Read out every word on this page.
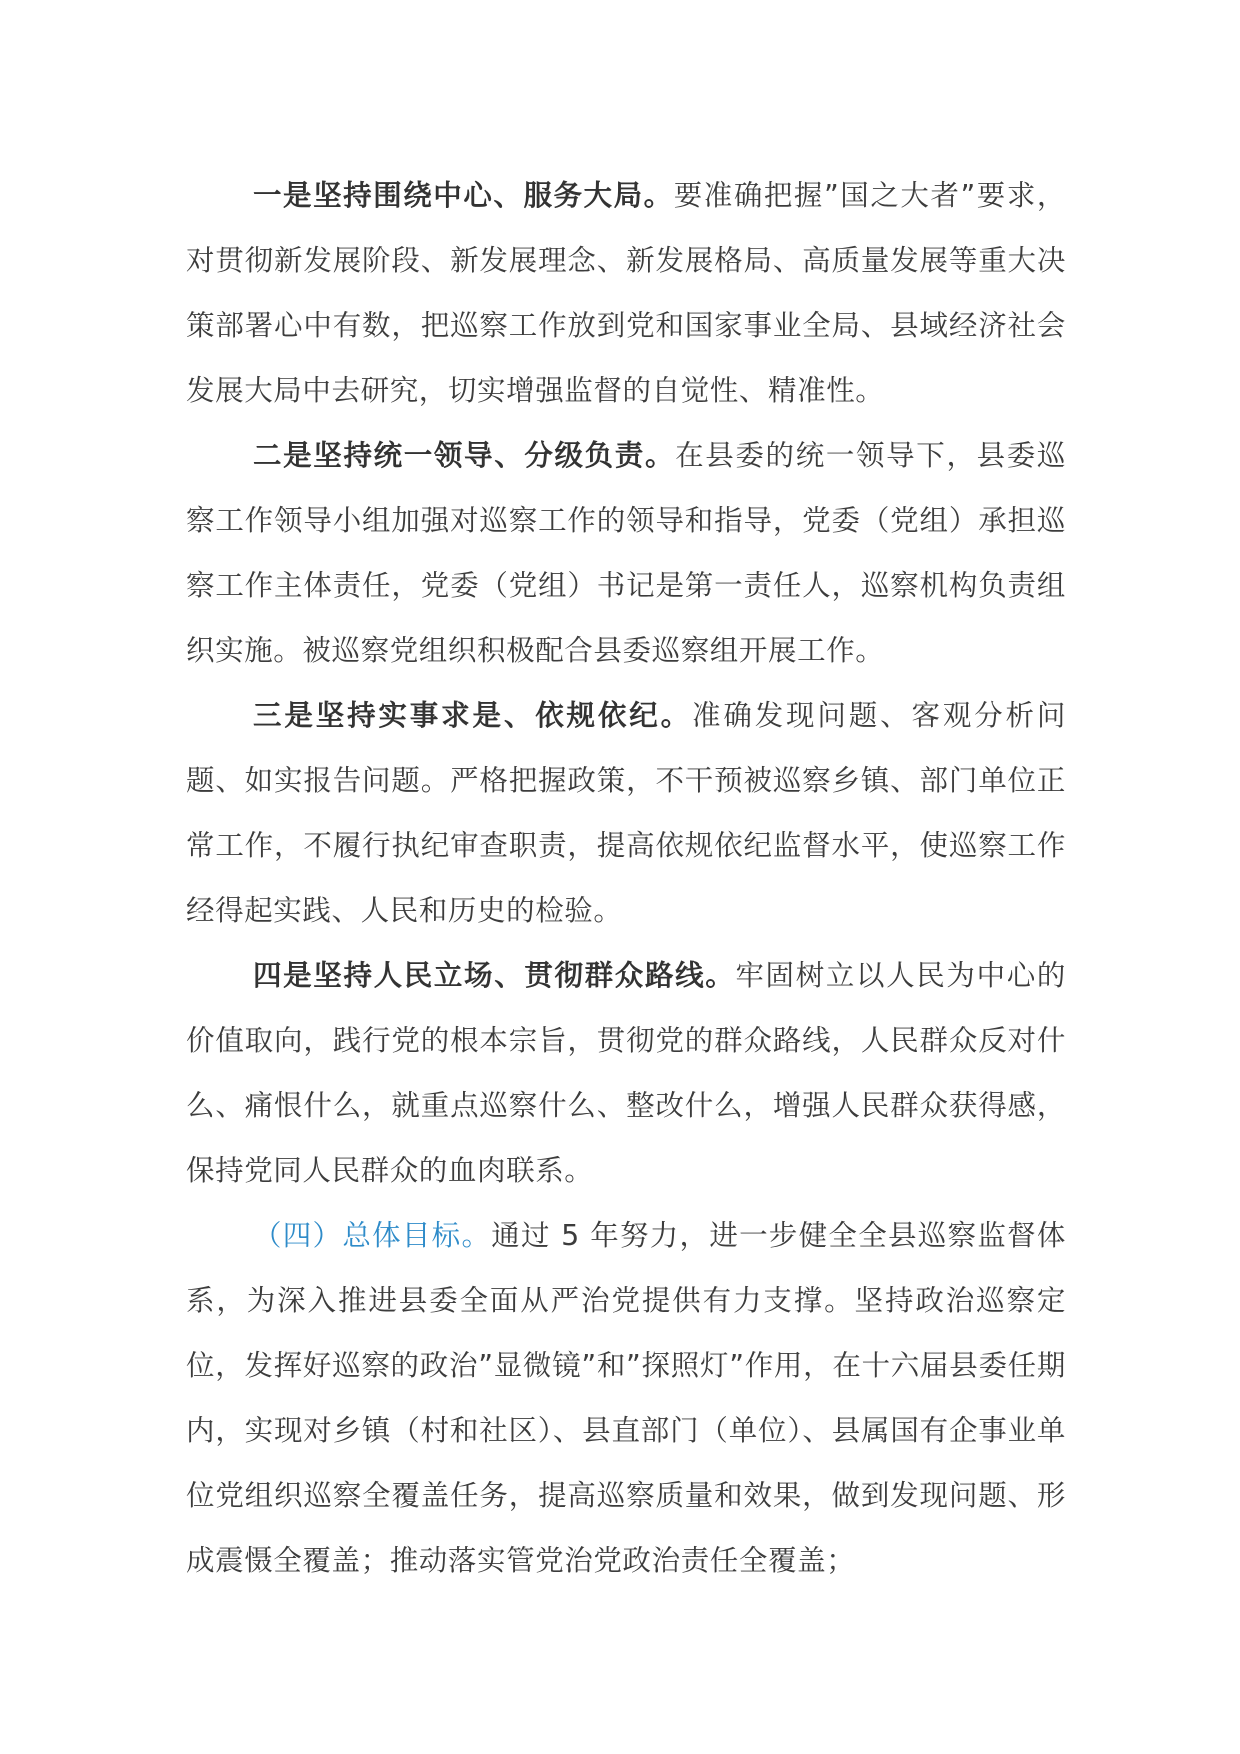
一是坚持围绕中心、服务大局。要准确把握”国之大者”要求，对贯彻新发展阶段、新发展理念、新发展格局、高质量发展等重大决策部署心中有数，把巡察工作放到党和国家事业全局、县域经济社会发展大局中去研究，切实增强监督的自觉性、精准性。

二是坚持统一领导、分级负责。在县委的统一领导下，县委巡察工作领导小组加强对巡察工作的领导和指导，党委（党组）承担巡察工作主体责任，党委（党组）书记是第一责任人，巡察机构负责组织实施。被巡察党组织积极配合县委巡察组开展工作。

三是坚持实事求是、依规依纪。准确发现问题、客观分析问题、如实报告问题。严格把握政策，不干预被巡察乡镇、部门单位正常工作，不履行执纪审查职责，提高依规依纪监督水平，使巡察工作经得起实践、人民和历史的检验。

四是坚持人民立场、贯彻群众路线。牢固树立以人民为中心的价值取向，践行党的根本宗旨，贯彻党的群众路线，人民群众反对什么、痛恨什么，就重点巡察什么、整改什么，增强人民群众获得感，保持党同人民群众的血肉联系。

（四）总体目标。通过 5 年努力，进一步健全全县巡察监督体系，为深入推进县委全面从严治党提供有力支撑。坚持政治巡察定位，发挥好巡察的政治”显微镜”和”探照灯”作用，在十六届县委任期内，实现对乡镇（村和社区）、县直部门（单位）、县属国有企事业单位党组织巡察全覆盖任务，提高巡察质量和效果，做到发现问题、形成震慑全覆盖；推动落实管党治党政治责任全覆盖；
